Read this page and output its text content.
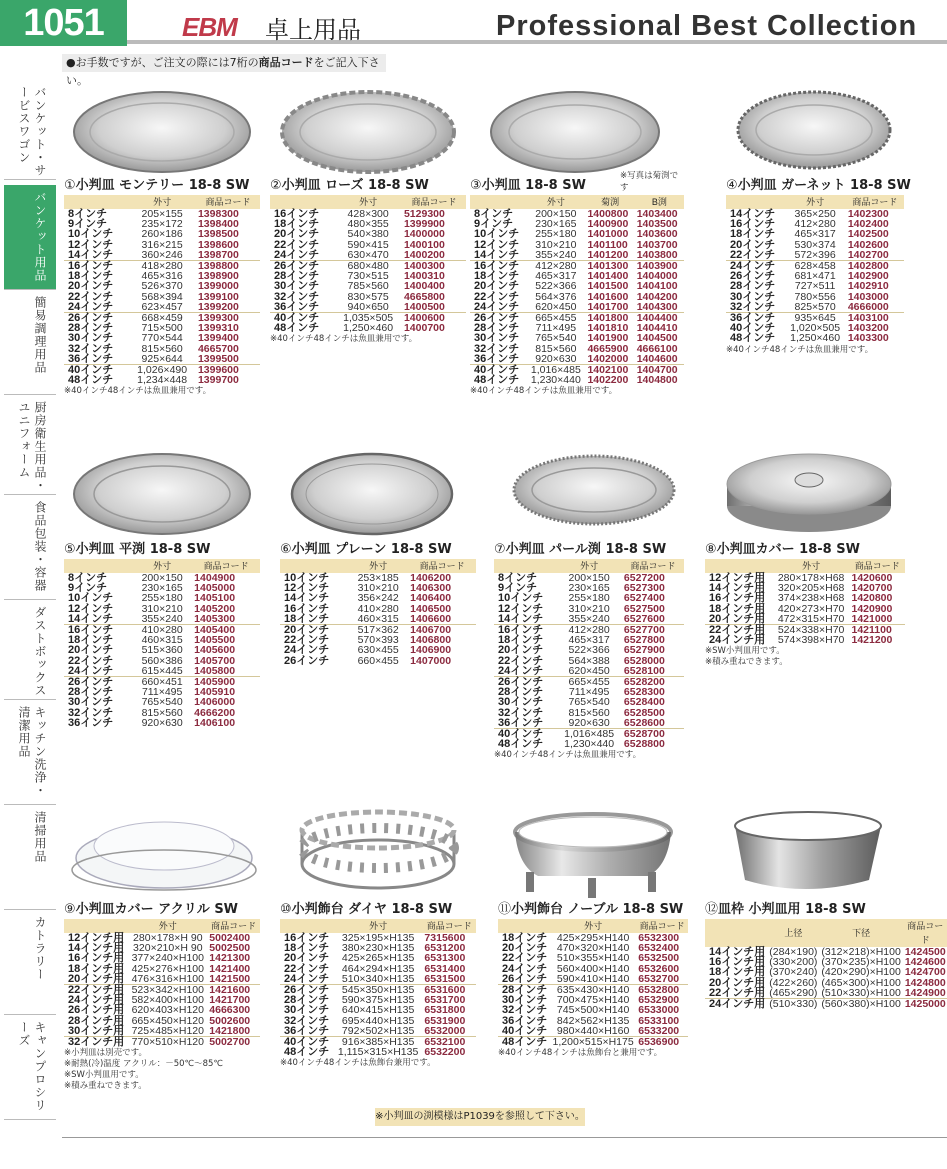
1051	EBM 卓上用品	Professional Best Collection
●お手数ですが、ご注文の際には7桁の商品コードをご記入下さい。
バンケット・サービスワゴン
バンケット用品
簡易調理用品
厨房衛生用品・ユニフォーム
食品包装・容器
ダストボックス
キッチン洗浄・清潔用品
清掃用品
カトラリー
キャンプロシリーズ
①小判皿 モンテリー 18-8 SW
	外寸	商品コード
8インチ	205×155	1398300
9インチ	235×172	1398400
10インチ	260×186	1398500
12インチ	316×215	1398600
14インチ	360×246	1398700
16インチ	418×280	1398800
18インチ	465×316	1398900
20インチ	526×370	1399000
22インチ	568×394	1399100
24インチ	623×457	1399200
26インチ	668×459	1399300
28インチ	715×500	1399310
30インチ	770×544	1399400
32インチ	815×560	4665700
36インチ	925×644	1399500
40インチ	1,026×490	1399600
48インチ	1,234×448	1399700
※40インチ48インチは魚皿兼用です。
②小判皿 ローズ 18-8 SW
	外寸	商品コード
16インチ	428×300	5129300
18インチ	480×355	1399900
20インチ	540×380	1400000
22インチ	590×415	1400100
24インチ	630×470	1400200
26インチ	680×480	1400300
28インチ	730×515	1400310
30インチ	785×560	1400400
32インチ	830×575	4665800
36インチ	940×650	1400500
40インチ	1,035×505	1400600
48インチ	1,250×460	1400700
※40インチ48インチは魚皿兼用です。
※写真は菊渕です
③小判皿 18-8 SW
	外寸	菊渕	B渕
8インチ	200×150	1400800	1403400
9インチ	230×165	1400900	1403500
10インチ	255×180	1401000	1403600
12インチ	310×210	1401100	1403700
14インチ	355×240	1401200	1403800
16インチ	412×280	1401300	1403900
18インチ	465×317	1401400	1404000
20インチ	522×366	1401500	1404100
22インチ	564×376	1401600	1404200
24インチ	620×450	1401700	1404300
26インチ	665×455	1401800	1404400
28インチ	711×495	1401810	1404410
30インチ	765×540	1401900	1404500
32インチ	815×560	4665900	4666100
36インチ	920×630	1402000	1404600
40インチ	1,016×485	1402100	1404700
48インチ	1,230×440	1402200	1404800
※40インチ48インチは魚皿兼用です。
④小判皿 ガーネット 18-8 SW
	外寸	商品コード
14インチ	365×250	1402300
16インチ	412×280	1402400
18インチ	465×317	1402500
20インチ	530×374	1402600
22インチ	572×396	1402700
24インチ	628×458	1402800
26インチ	681×471	1402900
28インチ	727×511	1402910
30インチ	780×556	1403000
32インチ	825×570	4666000
36インチ	935×645	1403100
40インチ	1,020×505	1403200
48インチ	1,250×460	1403300
※40インチ48インチは魚皿兼用です。
⑤小判皿 平渕 18-8 SW
	外寸	商品コード
8インチ	200×150	1404900
9インチ	230×165	1405000
10インチ	255×180	1405100
12インチ	310×210	1405200
14インチ	355×240	1405300
16インチ	410×280	1405400
18インチ	460×315	1405500
20インチ	515×360	1405600
22インチ	560×386	1405700
24インチ	615×445	1405800
26インチ	660×451	1405900
28インチ	711×495	1405910
30インチ	765×540	1406000
32インチ	815×560	4666200
36インチ	920×630	1406100
⑥小判皿 プレーン 18-8 SW
	外寸	商品コード
10インチ	253×185	1406200
12インチ	310×210	1406300
14インチ	356×242	1406400
16インチ	410×280	1406500
18インチ	460×315	1406600
20インチ	517×362	1406700
22インチ	570×393	1406800
24インチ	630×455	1406900
26インチ	660×455	1407000
⑦小判皿 パール渕 18-8 SW
	外寸	商品コード
8インチ	200×150	6527200
9インチ	230×165	6527300
10インチ	255×180	6527400
12インチ	310×210	6527500
14インチ	355×240	6527600
16インチ	412×280	6527700
18インチ	465×317	6527800
20インチ	522×366	6527900
22インチ	564×388	6528000
24インチ	620×450	6528100
26インチ	665×455	6528200
28インチ	711×495	6528300
30インチ	765×540	6528400
32インチ	815×560	6528500
36インチ	920×630	6528600
40インチ	1,016×485	6528700
48インチ	1,230×440	6528800
※40インチ48インチは魚皿兼用です。
⑧小判皿カバー 18-8 SW
	外寸	商品コード
12インチ用	280×178×H68	1420600
14インチ用	320×205×H68	1420700
16インチ用	374×238×H68	1420800
18インチ用	420×273×H70	1420900
20インチ用	472×315×H70	1421000
22インチ用	524×338×H70	1421100
24インチ用	574×398×H70	1421200
※SW小判皿用です。
※積み重ねできます。
⑨小判皿カバー アクリル SW
	外寸	商品コード
12インチ用	280×178×H 90	5002400
14インチ用	320×210×H 90	5002500
16インチ用	377×240×H100	1421300
18インチ用	425×276×H100	1421400
20インチ用	476×316×H100	1421500
22インチ用	523×342×H100	1421600
24インチ用	582×400×H100	1421700
26インチ用	620×403×H120	4666300
28インチ用	665×450×H120	5002600
30インチ用	725×485×H120	1421800
32インチ用	770×510×H120	5002700
※小判皿は別売です。
※耐熱(冷)温度 アクリル：－50℃～85℃
※SW小判皿用です。
※積み重ねできます。
⑩小判飾台 ダイヤ 18-8 SW
	外寸	商品コード
16インチ	325×195×H135	7315600
18インチ	380×230×H135	6531200
20インチ	425×265×H135	6531300
22インチ	464×294×H135	6531400
24インチ	510×340×H135	6531500
26インチ	545×350×H135	6531600
28インチ	590×375×H135	6531700
30インチ	640×415×H135	6531800
32インチ	695×440×H135	6531900
36インチ	792×502×H135	6532000
40インチ	916×385×H135	6532100
48インチ	1,115×315×H135	6532200
※40インチ48インチは魚飾台兼用です。
⑪小判飾台 ノーブル 18-8 SW
	外寸	商品コード
18インチ	425×295×H140	6532300
20インチ	470×320×H140	6532400
22インチ	510×355×H140	6532500
24インチ	560×400×H140	6532600
26インチ	590×410×H140	6532700
28インチ	635×430×H140	6532800
30インチ	700×475×H140	6532900
32インチ	745×500×H140	6533000
36インチ	842×562×H135	6533100
40インチ	980×440×H160	6533200
48インチ	1,200×515×H175	6536900
※40インチ48インチは魚飾台と兼用です。
⑫皿枠 小判皿用 18-8 SW
	上径	下径	商品コード
14インチ用	(284×190)	(312×218)×H100	1424500
16インチ用	(330×200)	(370×235)×H100	1424600
18インチ用	(370×240)	(420×290)×H100	1424700
20インチ用	(422×260)	(465×300)×H100	1424800
22インチ用	(465×290)	(510×330)×H100	1424900
24インチ用	(510×330)	(560×380)×H100	1425000
※小判皿の渕模様はP1039を参照して下さい。
